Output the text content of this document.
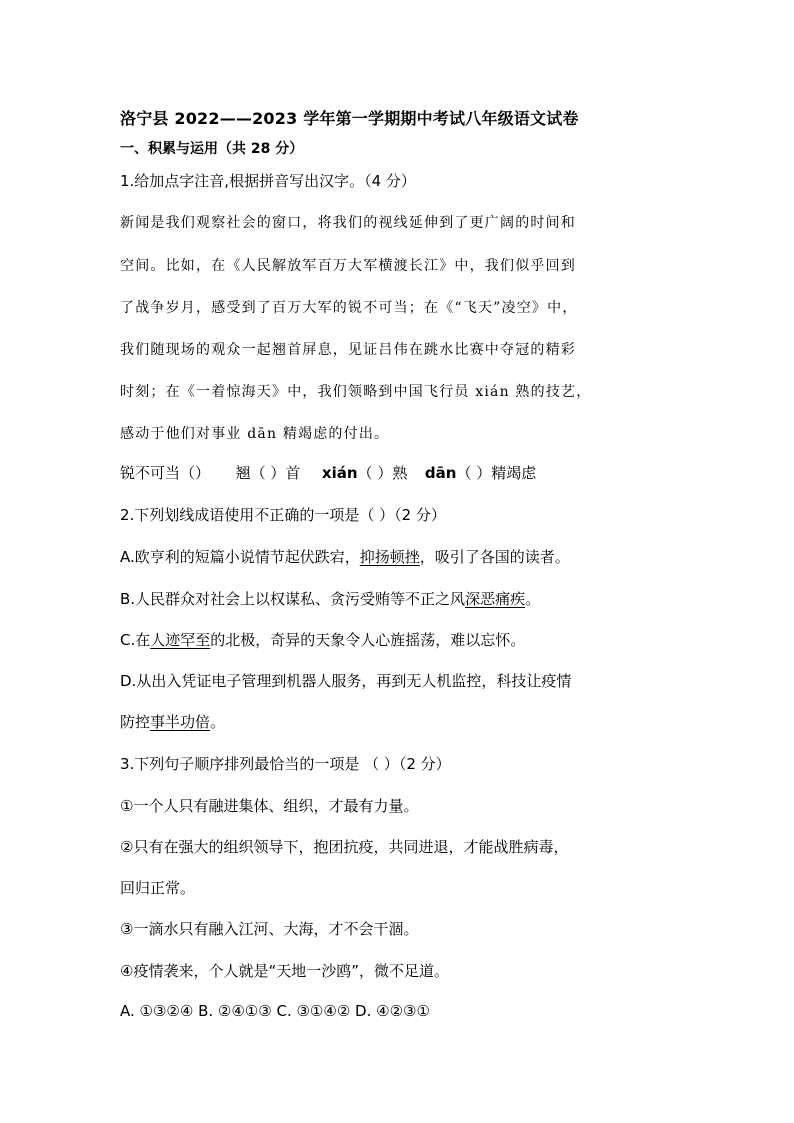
洛宁县 2022——2023 学年第一学期期中考试八年级语文试卷
一、积累与运用（共 28 分）
1.给加点字注音,根据拼音写出汉字。（4 分）
新闻是我们观察社会的窗口，将我们的视线延伸到了更广阔的时间和
空间。比如，在《人民解放军百万大军横渡长江》中，我们似乎回到
了战争岁月，感受到了百万大军的锐不可当；在《“飞天”凌空》中，
我们随现场的观众一起翘首屏息，见证吕伟在跳水比赛中夺冠的精彩
时刻；在《一着惊海天》中，我们领略到中国飞行员 xián 熟的技艺，
感动于他们对事业 dān 精竭虑的付出。
锐不可当（） 翘（ ）首 xián（ ）熟 dān（ ）精竭虑
2.下列划线成语使用不正确的一项是（ ）（2 分）
A.欧亨利的短篇小说情节起伏跌宕，抑扬顿挫，吸引了各国的读者。
B.人民群众对社会上以权谋私、贪污受贿等不正之风深恶痛疾。
C.在人迹罕至的北极，奇异的天象令人心旌摇荡，难以忘怀。
D.从出入凭证电子管理到机器人服务，再到无人机监控，科技让疫情
防控事半功倍。
3.下列句子顺序排列最恰当的一项是 （ ）（2 分）
①一个人只有融进集体、组织，才最有力量。
②只有在强大的组织领导下，抱团抗疫，共同进退，才能战胜病毒，
回归正常。
③一滴水只有融入江河、大海，才不会干涸。
④疫情袭来，个人就是“天地一沙鸥”，微不足道。
A. ①③②④ B. ②④①③ C. ③①④② D. ④②③①
